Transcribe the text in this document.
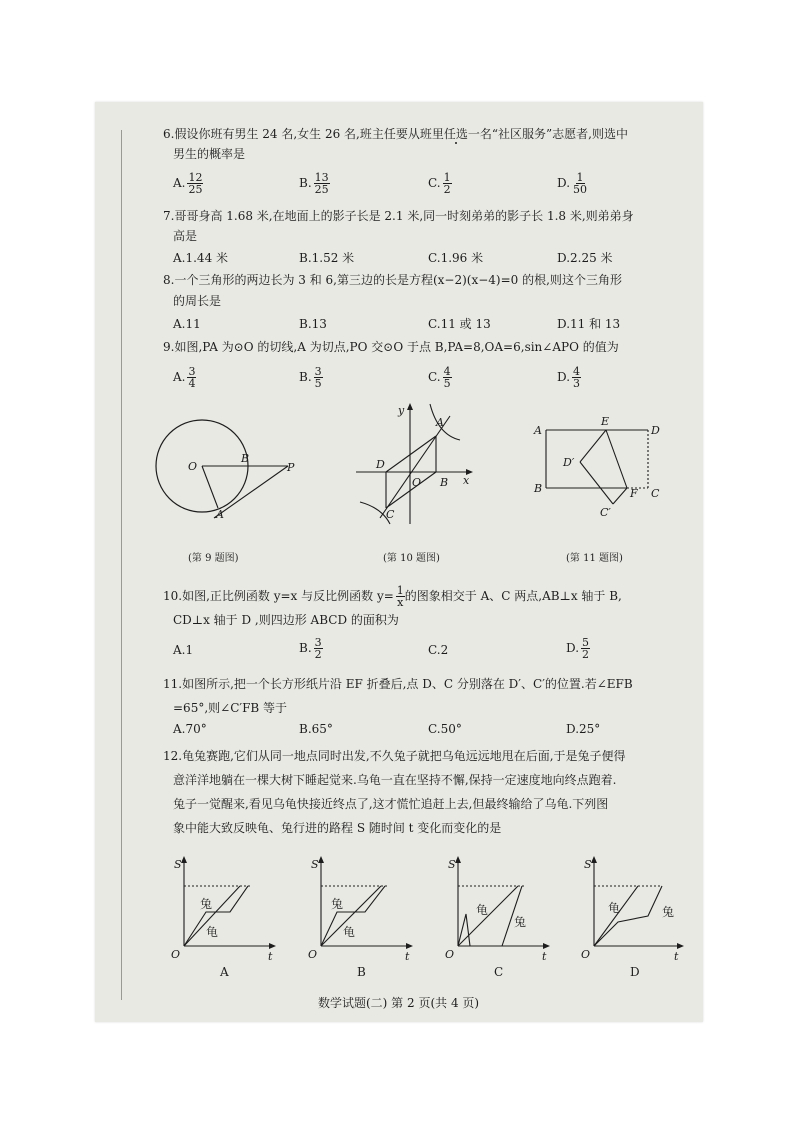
6.假设你班有男生 24 名,女生 26 名,班主任要从班里任选一名“社区服务”志愿者,则选中
男生的概率是
A. $\frac{12}{25}$	B. $\frac{13}{25}$	C. $\frac{1}{2}$	D. $\frac{1}{50}$
7.哥哥身高 1.68 米,在地面上的影子长是 2.1 米,同一时刻弟弟的影子长 1.8 米,则弟弟身
高是
A.1.44 米	B.1.52 米	C.1.96 米	D.2.25 米
8.一个三角形的两边长为 3 和 6,第三边的长是方程(x−2)(x−4)=0 的根,则这个三角形
的周长是
A.11	B.13	C.11 或 13	D.11 和 13
9.如图,PA 为⊙O 的切线,A 为切点,PO 交⊙O 于点 B,PA=8,OA=6,sin∠APO 的值为
A. $\frac{3}{4}$	B. $\frac{3}{5}$	C. $\frac{4}{5}$	D. $\frac{4}{3}$
O
B
P
A
(第 9 题图)
y
x
A
B
C
D
O
(第 10 题图)
A
E
D
D′
B	F C
C′
(第 11 题图)
10.如图,正比例函数 y=x 与反比例函数 $y= \frac{1}{x}$ 的图象相交于 A、C 两点,AB⊥x 轴于 B,
CD⊥x 轴于 D ,则四边形 ABCD 的面积为
A.1	B. $\frac{3}{2}$	C.2	D. $\frac{5}{2}$
11.如图所示,把一个长方形纸片沿 EF 折叠后,点 D、C 分别落在 D′、C′的位置.若∠EFB
=65°,则∠C′FB 等于
A.70°	B.65°	C.50°	D.25°
12.龟兔赛跑,它们从同一地点同时出发,不久兔子就把乌龟远远地甩在后面,于是兔子便得
意洋洋地躺在一棵大树下睡起觉来.乌龟一直在坚持不懈,保持一定速度地向终点跑着.
兔子一觉醒来,看见乌龟快接近终点了,这才慌忙追赶上去,但最终输给了乌龟.下列图
象中能大致反映龟、兔行进的路程 S 随时间 t 变化而变化的是
S
t
O
兔
龟
A
S
t
O
兔
龟
B
S
t
O
龟
兔
C
S
t
O
龟	兔
D
数学试题(二) 第 2 页(共 4 页)
